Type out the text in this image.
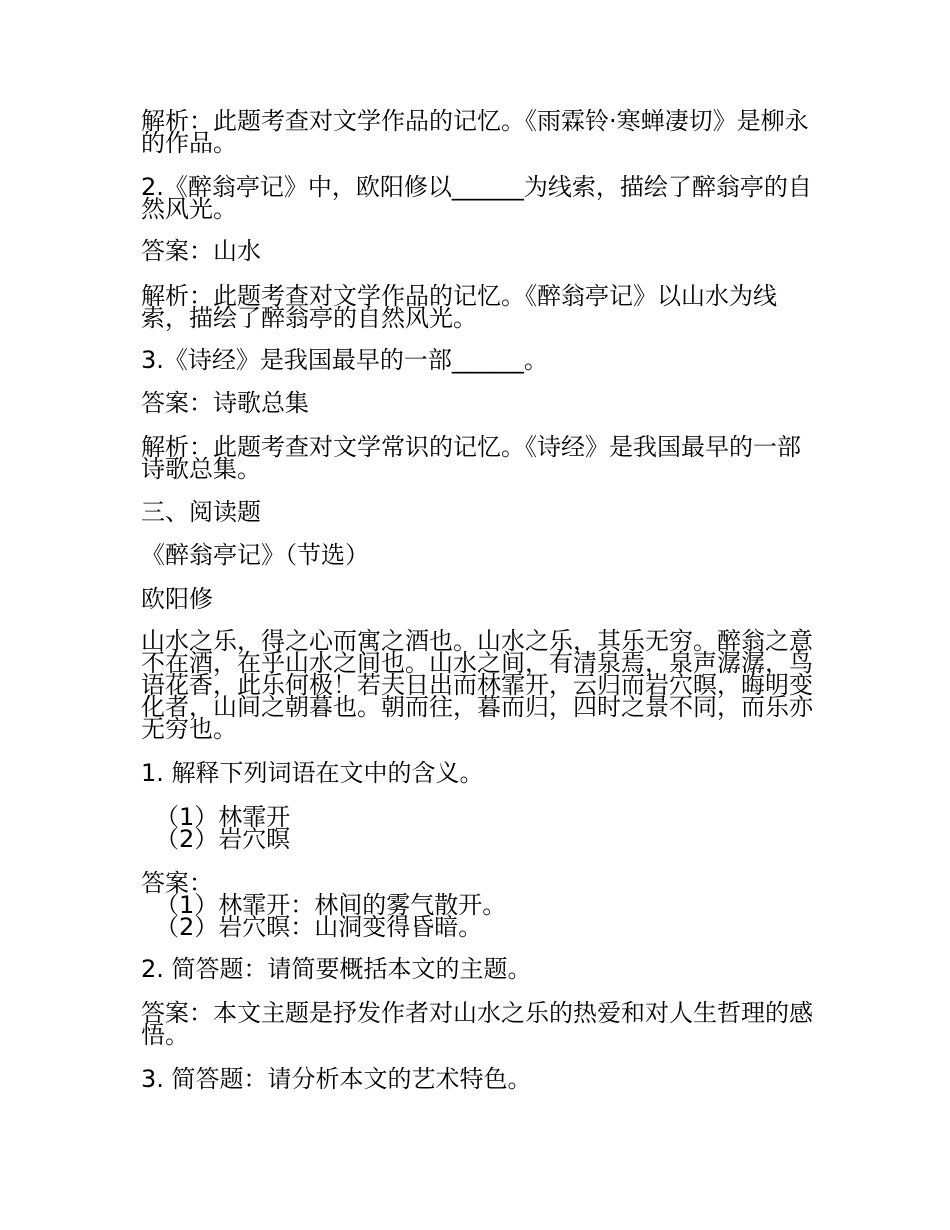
解析：此题考查对文学作品的记忆。《雨霖铃·寒蝉凄切》是柳永的作品。

2.《醉翁亭记》中，欧阳修以______为线索，描绘了醉翁亭的自然风光。

答案：山水

解析：此题考查对文学作品的记忆。《醉翁亭记》以山水为线索，描绘了醉翁亭的自然风光。

3.《诗经》是我国最早的一部______。

答案：诗歌总集

解析：此题考查对文学常识的记忆。《诗经》是我国最早的一部诗歌总集。

三、阅读题

《醉翁亭记》（节选）

欧阳修

山水之乐，得之心而寓之酒也。山水之乐，其乐无穷。醉翁之意不在酒，在乎山水之间也。山水之间，有清泉焉，泉声潺潺，鸟语花香，此乐何极！若夫日出而林霏开，云归而岩穴暝，晦明变化者，山间之朝暮也。朝而往，暮而归，四时之景不同，而乐亦无穷也。

1. 解释下列词语在文中的含义。

（1）林霏开

（2）岩穴暝

答案：

（1）林霏开：林间的雾气散开。

（2）岩穴暝：山洞变得昏暗。

2. 简答题：请简要概括本文的主题。

答案：本文主题是抒发作者对山水之乐的热爱和对人生哲理的感悟。

3. 简答题：请分析本文的艺术特色。
